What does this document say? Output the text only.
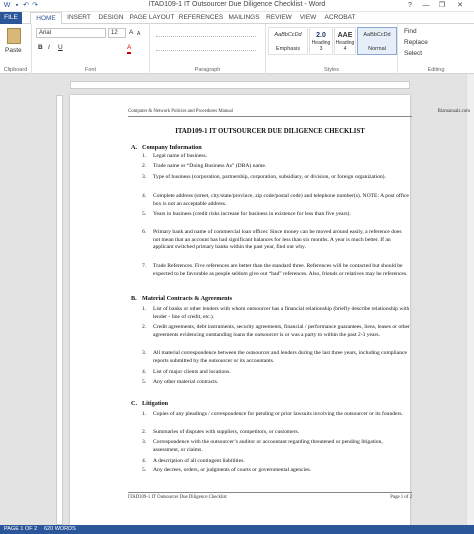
W ▪ ↶ ↷	ITAD109-1 IT Outsourcer Due Diligence Checklist - Word	?	— ❐ ✕
FILE	HOME	INSERT	DESIGN PAGE LAYOUT REFERENCES MAILINGS	REVIEW	VIEW	ACROBAT
Paste
Clipboard
Arial	12	A A
B I U	A
Font	Paragraph
AaBbCcDd
Emphasis
2.0
Heading 3
AAE
Heading 4
AaBbCcDd
Normal
Styles
Find
Replace
Select
Editing
Computer & Network Policies and Procedures Manual	Bizmanualz.com
ITAD109-1 IT OUTSOURCER DUE DILIGENCE CHECKLIST
A. Company Information
1.	Legal name of business.
2.	Trade name or “Doing Business As” (DBA) name.
3.	Type of business (corporation, partnership, corporation, subsidiary, or division, or foreign organization).
4.	Complete address (street, city/state/province, zip code/postal code) and telephone number(s). NOTE: A post office box is not an acceptable address.
5.	Years in business (credit risks increase for business in existence for less than five years).
6.	Primary bank and name of commercial loan officer. Since money can be moved around easily, a reference does not mean that an account has had significant balances for less than six months. A year is much better. If an applicant switched primary banks within the past year, find out why.
7.	Trade References. Five references are better than the standard three. References will be contacted but should be expected to be favorable as people seldom give out “bad” references. Also, friends or relatives may be references.
B. Material Contracts & Agreements
1.	List of banks or other lenders with whom outsourcer has a financial relationship (briefly describe relationship with lender - line of credit, etc.).
2.	Credit agreements, debt instruments, security agreements, financial / performance guarantees, liens, leases or other agreements evidencing outstanding loans the outsourcer is or was a party to within the past 2-3 years.
3.	All material correspondence between the outsourcer and lenders during the last three years, including compliance reports submitted by the outsourcer or its accountants.
4.	List of major clients and locations.
5.	Any other material contracts.
C. Litigation
1.	Copies of any pleadings / correspondence for pending or prior lawsuits involving the outsourcer or its founders.
2.	Summaries of disputes with suppliers, competitors, or customers.
3.	Correspondence with the outsourcer’s auditor or accountant regarding threatened or pending litigation, assessment, or claims.
4.	A description of all contingent liabilities.
5.	Any decrees, orders, or judgments of courts or governmental agencies.
ITAD109-1 IT Outsourcer Due Diligence Checklist	Page 1 of 2
PAGE 1 OF 2 620 WORDS
